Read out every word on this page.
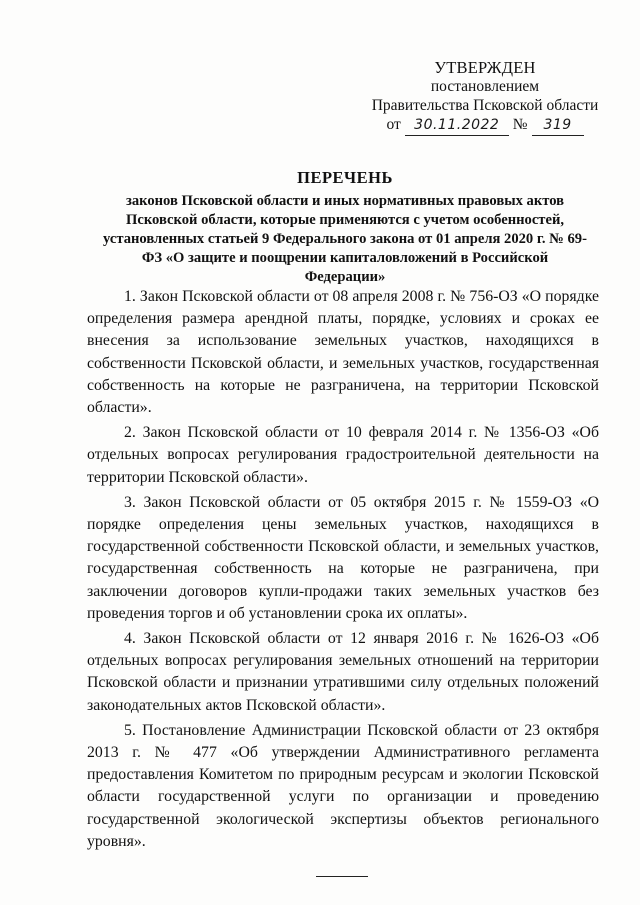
УТВЕРЖДЕН
постановлением
Правительства Псковской области
от 30.11.2022 №	319
ПЕРЕЧЕНЬ
законов Псковской области и иных нормативных правовых актов Псковской области, которые применяются с учетом особенностей, установленных статьей 9 Федерального закона от 01 апреля 2020 г. № 69-ФЗ «О защите и поощрении капиталовложений в Российской Федерации»

1. Закон Псковской области от 08 апреля 2008 г. № 756-ОЗ «О порядке определения размера арендной платы, порядке, условиях и сроках ее внесения за использование земельных участков, находящихся в собственности Псковской области, и земельных участков, государственная собственность на которые не разграничена, на территории Псковской области».

2. Закон Псковской области от 10 февраля 2014 г. № 1356-ОЗ «Об отдельных вопросах регулирования градостроительной деятельности на территории Псковской области».

3. Закон Псковской области от 05 октября 2015 г. № 1559-ОЗ «О порядке определения цены земельных участков, находящихся в государственной собственности Псковской области, и земельных участков, государственная собственность на которые не разграничена, при заключении договоров купли-продажи таких земельных участков без проведения торгов и об установлении срока их оплаты».

4. Закон Псковской области от 12 января 2016 г. № 1626-ОЗ «Об отдельных вопросах регулирования земельных отношений на территории Псковской области и признании утратившими силу отдельных положений законодательных актов Псковской области».

5. Постановление Администрации Псковской области от 23 октября 2013 г. № 477 «Об утверждении Административного регламента предоставления Комитетом по природным ресурсам и экологии Псковской области государственной услуги по организации и проведению государственной экологической экспертизы объектов регионального уровня».
